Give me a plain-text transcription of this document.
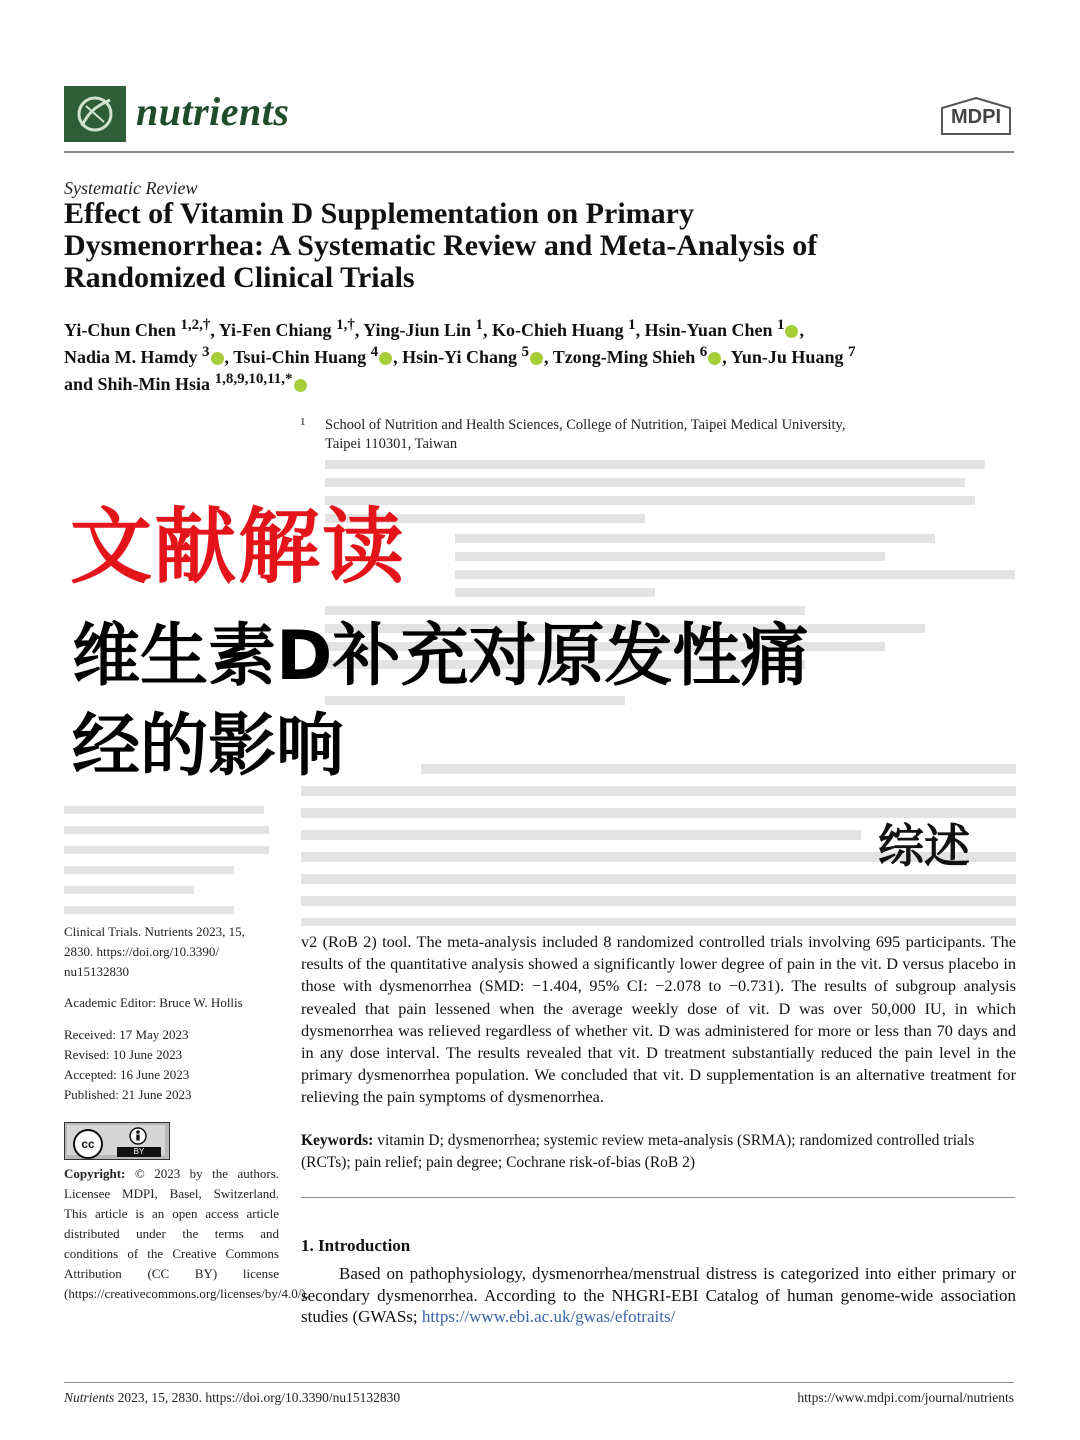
nutrients	MDPI
Systematic Review
Effect of Vitamin D Supplementation on Primary
Dysmenorrhea: A Systematic Review and Meta-Analysis of
Randomized Clinical Trials
Yi-Chun Chen $^{1,2,\dagger}$, Yi-Fen Chiang $^{1,\dagger}$, Ying-Jiun Lin $^1$, Ko-Chieh Huang $^1$, Hsin-Yuan Chen $^1$ ,
Nadia M. Hamdy $^3$ , Tsui-Chin Huang $^4$ , Hsin-Yi Chang $^5$ , Tzong-Ming Shieh $^6$ , Yun-Ju Huang $^7$
and Shih-Min Hsia $^{1,8,9,10,11,*}$
1 School of Nutrition and Health Sciences, College of Nutrition, Taipei Medical University,
Taipei 110301, Taiwan
文献解读
维生素D补充对原发性痛
经的影响
综述
Clinical Trials. Nutrients 2023, 15,
2830. https://doi.org/10.3390/
nu15132830
Academic Editor: Bruce W. Hollis
Received: 17 May 2023
Revised: 10 June 2023
Accepted: 16 June 2023
Published: 21 June 2023
cc
BY
Copyright: © 2023 by the authors. Licensee MDPI, Basel, Switzerland. This article is an open access article distributed under the terms and conditions of the Creative Commons Attribution (CC BY) license (https://creativecommons.org/licenses/by/4.0/).
v2 (RoB 2) tool. The meta-analysis included 8 randomized controlled trials involving 695 participants. The results of the quantitative analysis showed a significantly lower degree of pain in the vit. D versus placebo in those with dysmenorrhea (SMD: −1.404, 95% CI: −2.078 to −0.731). The results of subgroup analysis revealed that pain lessened when the average weekly dose of vit. D was over 50,000 IU, in which dysmenorrhea was relieved regardless of whether vit. D was administered for more or less than 70 days and in any dose interval. The results revealed that vit. D treatment substantially reduced the pain level in the primary dysmenorrhea population. We concluded that vit. D supplementation is an alternative treatment for relieving the pain symptoms of dysmenorrhea.
Keywords: vitamin D; dysmenorrhea; systemic review meta-analysis (SRMA); randomized controlled trials (RCTs); pain relief; pain degree; Cochrane risk-of-bias (RoB 2)
1. Introduction
Based on pathophysiology, dysmenorrhea/menstrual distress is categorized into either primary or secondary dysmenorrhea. According to the NHGRI-EBI Catalog of human genome-wide association studies (GWASs; https://www.ebi.ac.uk/gwas/efotraits/
Nutrients 2023, 15, 2830. https://doi.org/10.3390/nu15132830	https://www.mdpi.com/journal/nutrients
